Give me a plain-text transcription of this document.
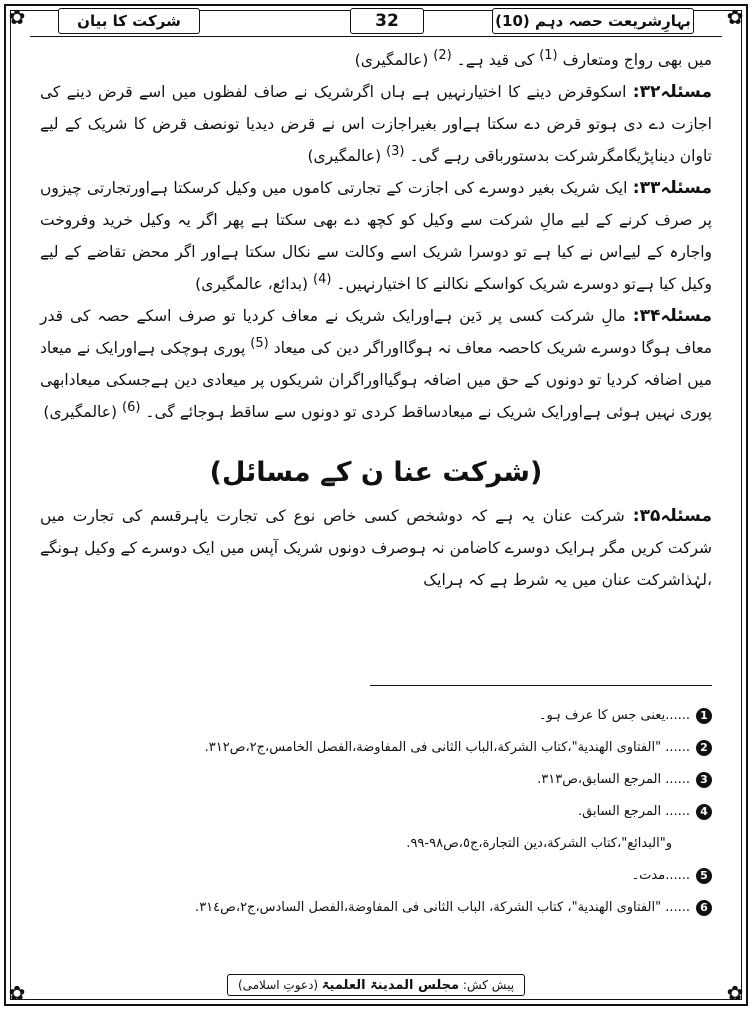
✿	✿
✿	✿
بہارِشریعت حصہ دہم (10)
32
شرکت کا بیان

میں بھی رواج ومتعارف $^{(1)}$ کی قید ہے۔ $^{(2)}$ (عالمگیری)

مسئلہ۳۲: اسکوقرض دینے کا اختیارنہیں ہے ہاں اگرشریک نے صاف لفظوں میں اسے قرض دینے کی اجازت دے دی ہوتو قرض دے سکتا ہےاور بغیراجازت اس نے قرض دیدیا تونصف قرض کا شریک کے لیے تاوان دیناپڑیگامگرشرکت بدستورباقی رہے گی۔ $^{(3)}$ (عالمگیری)

مسئلہ۳۳: ایک شریک بغیر دوسرے کی اجازت کے تجارتی کاموں میں وکیل کرسکتا ہےاورتجارتی چیزوں پر صرف کرنے کے لیے مالِ شرکت سے وکیل کو کچھ دے بھی سکتا ہے پھر اگر یہ وکیل خرید وفروخت واجارہ کے لیےاس نے کیا ہے تو دوسرا شریک اسے وکالت سے نکال سکتا ہےاور اگر محض تقاضے کے لیے وکیل کیا ہےتو دوسرے شریک کواسکے نکالنے کا اختیارنہیں۔ $^{(4)}$ (بدائع، عالمگیری)

مسئلہ۳۴: مالِ شرکت کسی پر دَین ہےاورایک شریک نے معاف کردیا تو صرف اسکے حصہ کی قدر معاف ہوگا دوسرے شریک کاحصہ معاف نہ ہوگااوراگر دین کی میعاد $^{(5)}$ پوری ہوچکی ہےاورایک نے میعاد میں اضافہ کردیا تو دونوں کے حق میں اضافہ ہوگیااوراگران شریکوں پر میعادی دین ہےجسکی میعادابھی پوری نہیں ہوئی ہےاورایک شریک نے میعادساقط کردی تو دونوں سے ساقط ہوجائے گی۔ $^{(6)}$ (عالمگیری)

(شرکت عنا ن کے مسائل)

مسئلہ۳۵: شرکت عنان یہ ہے کہ دوشخص کسی خاص نوع کی تجارت یاہرقسم کی تجارت میں شرکت کریں مگر ہرایک دوسرے کاضامن نہ ہوصرف دونوں شریک آپس میں ایک دوسرے کے وکیل ہونگے ،لہٰذاشرکت عنان میں یہ شرط ہے کہ ہرایک

1
......یعنی جس کا عرف ہو۔
2
...... "الفتاوی الهندية"،كتاب الشركة،الباب الثانی فی المفاوضة،الفصل الخامس،ج٢،ص٣١٢.
3
...... المرجع السابق،ص٣١٣.
4
...... المرجع السابق.
و"البدائع"،كتاب الشركة،دين التجارة،ج٥،ص٩٨-٩٩.
5
......مدت۔
6
...... "الفتاوی الهندية"، كتاب الشركة، الباب الثانی فی المفاوضة،الفصل السادس،ج٢،ص٣١٤.
پیش کش: مجلس المدینۃ العلمیۃ (دعوتِ اسلامی)
